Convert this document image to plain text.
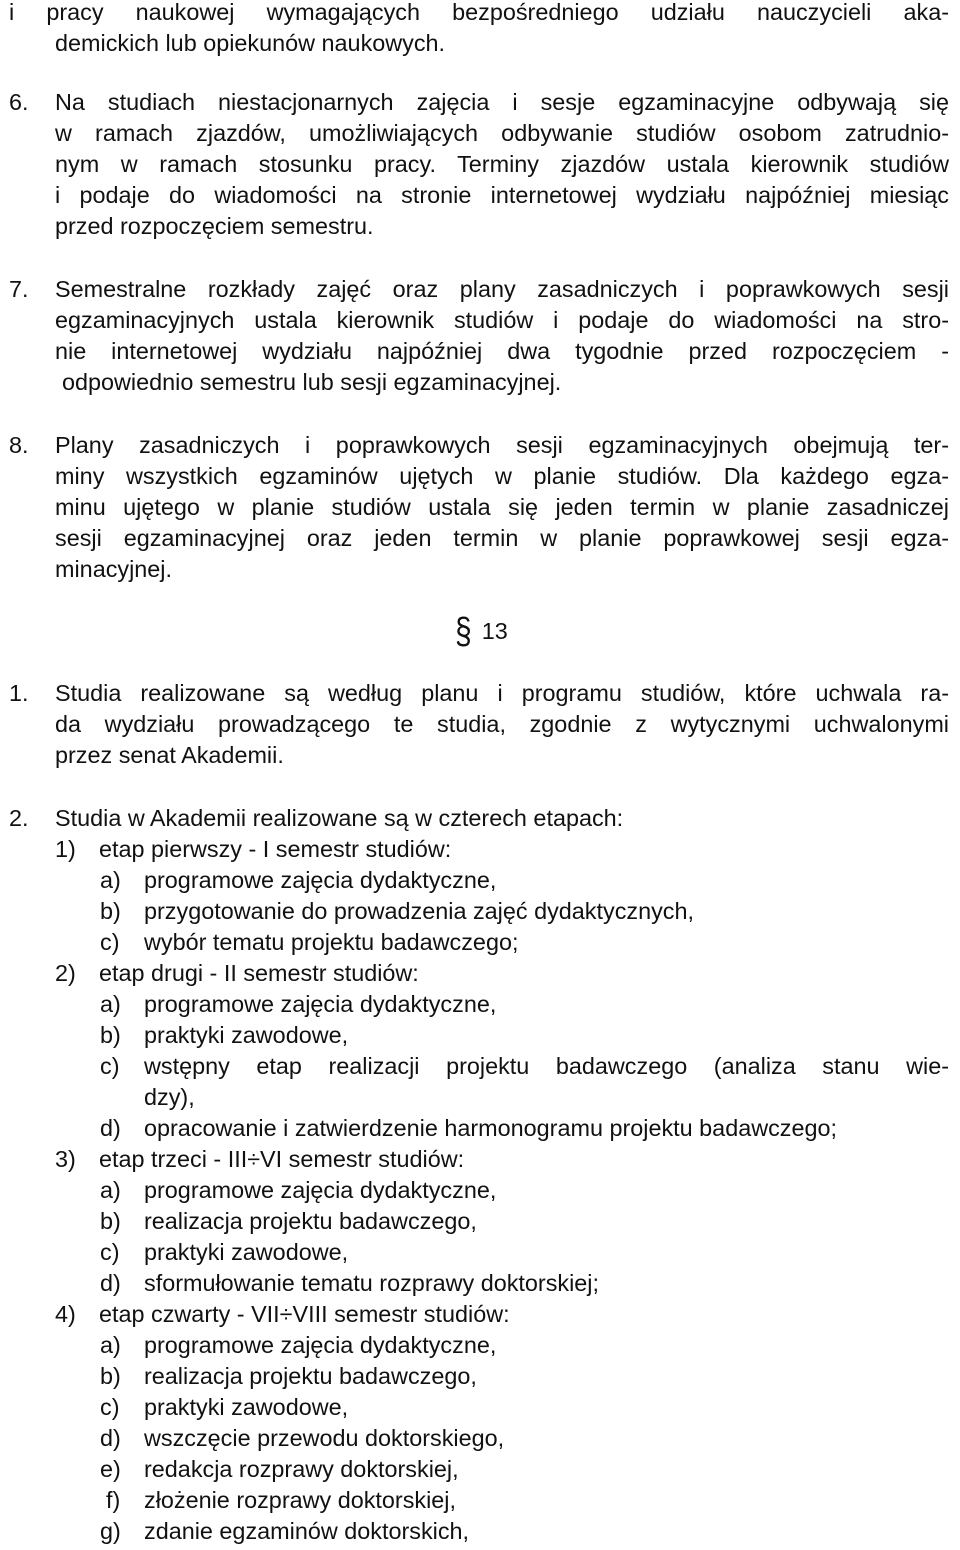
i pracy naukowej wymagających bezpośredniego udziału nauczycieli aka-
demickich lub opiekunów naukowych.
6. Na studiach niestacjonarnych zajęcia i sesje egzaminacyjne odbywają się
w ramach zjazdów, umożliwiających odbywanie studiów osobom zatrudnio-
nym w ramach stosunku pracy. Terminy zjazdów ustala kierownik studiów
i podaje do wiadomości na stronie internetowej wydziału najpóźniej miesiąc
przed rozpoczęciem semestru.
7. Semestralne rozkłady zajęć oraz plany zasadniczych i poprawkowych sesji
egzaminacyjnych ustala kierownik studiów i podaje do wiadomości na stro-
nie internetowej wydziału najpóźniej dwa tygodnie przed rozpoczęciem -
odpowiednio semestru lub sesji egzaminacyjnej.
8. Plany zasadniczych i poprawkowych sesji egzaminacyjnych obejmują ter-
miny wszystkich egzaminów ujętych w planie studiów. Dla każdego egza-
minu ujętego w planie studiów ustala się jeden termin w planie zasadniczej
sesji egzaminacyjnej oraz jeden termin w planie poprawkowej sesji egza-
minacyjnej.
§ 13
1. Studia realizowane są według planu i programu studiów, które uchwala ra-
da wydziału prowadzącego te studia, zgodnie z wytycznymi uchwalonymi
przez senat Akademii.
2. Studia w Akademii realizowane są w czterech etapach:
1) etap pierwszy - I semestr studiów:
a) programowe zajęcia dydaktyczne,
b) przygotowanie do prowadzenia zajęć dydaktycznych,
c) wybór tematu projektu badawczego;
2) etap drugi - II semestr studiów:
a) programowe zajęcia dydaktyczne,
b) praktyki zawodowe,
c) wstępny etap realizacji projektu badawczego (analiza stanu wie-
dzy),
d) opracowanie i zatwierdzenie harmonogramu projektu badawczego;
3) etap trzeci - III÷VI semestr studiów:
a) programowe zajęcia dydaktyczne,
b) realizacja projektu badawczego,
c) praktyki zawodowe,
d) sformułowanie tematu rozprawy doktorskiej;
4) etap czwarty - VII÷VIII semestr studiów:
a) programowe zajęcia dydaktyczne,
b) realizacja projektu badawczego,
c) praktyki zawodowe,
d) wszczęcie przewodu doktorskiego,
e) redakcja rozprawy doktorskiej,
f) złożenie rozprawy doktorskiej,
g) zdanie egzaminów doktorskich,
